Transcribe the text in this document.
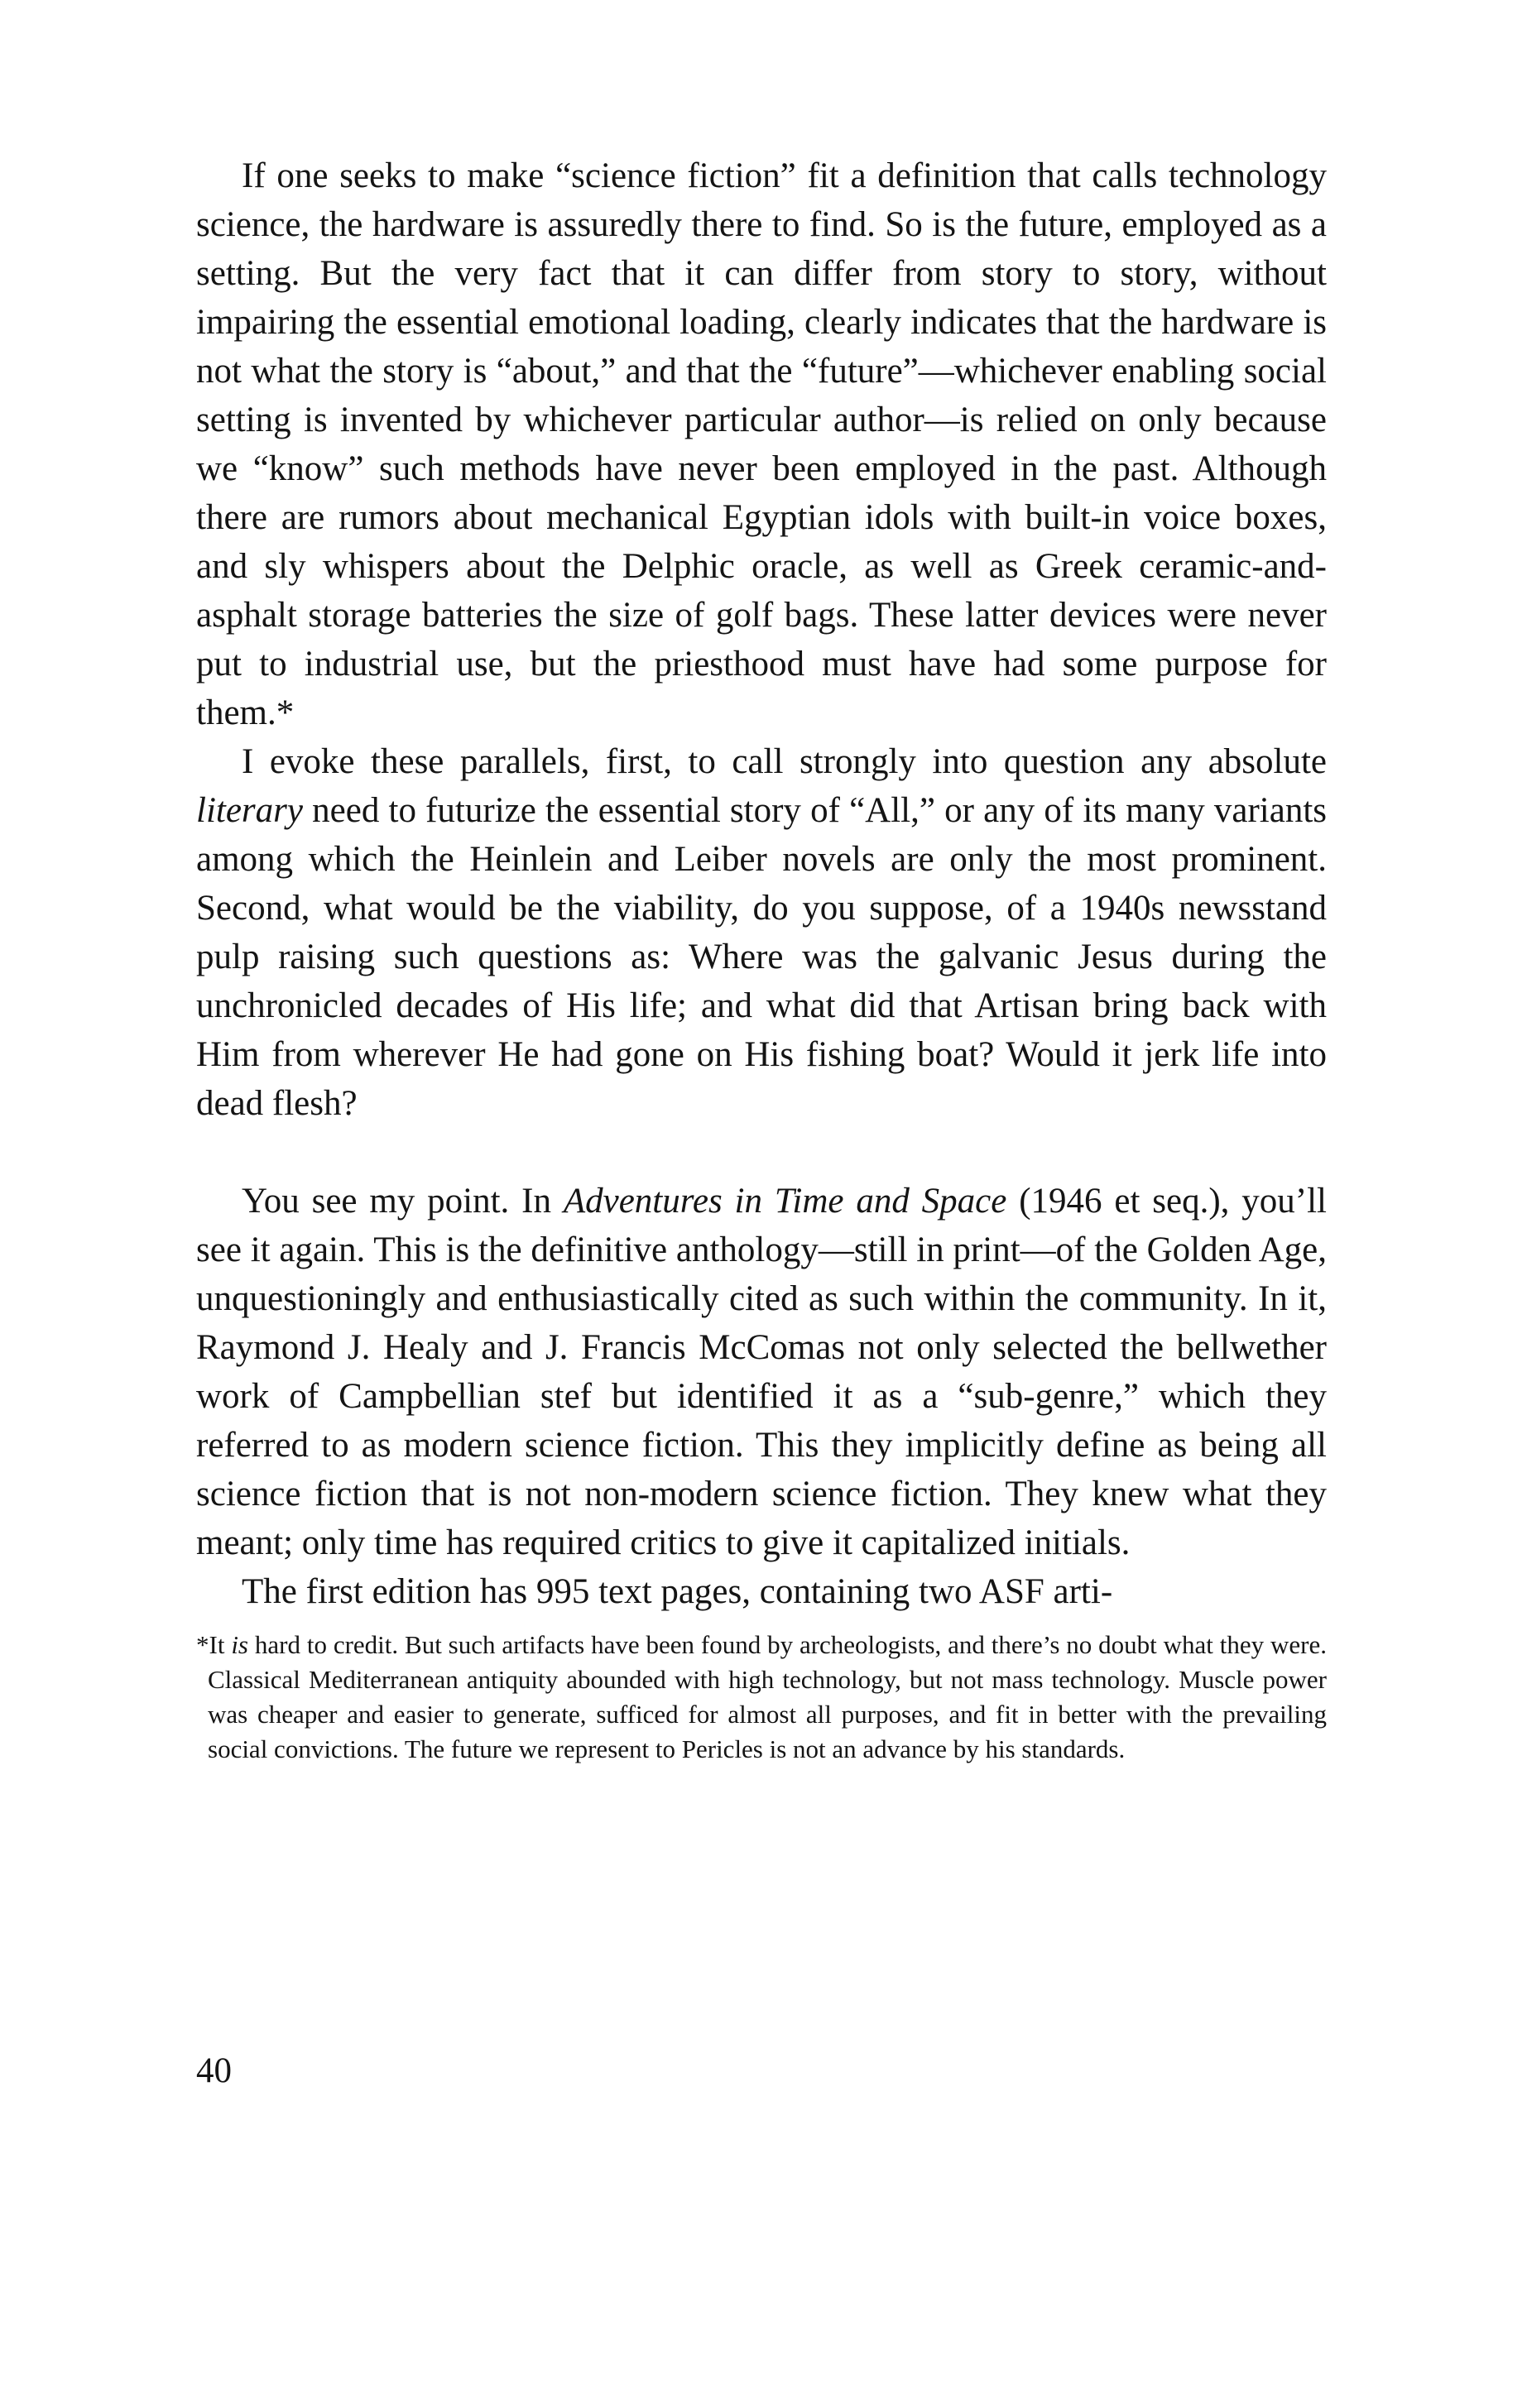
If one seeks to make “science fiction” fit a definition that calls technology science, the hardware is assuredly there to find. So is the future, employed as a setting. But the very fact that it can differ from story to story, without impairing the essential emotional loading, clearly indicates that the hardware is not what the story is “about,” and that the “future”—whichever enabling social setting is invented by whichever particular author—is relied on only because we “know” such methods have never been employed in the past. Although there are rumors about mechanical Egyptian idols with built-in voice boxes, and sly whispers about the Delphic oracle, as well as Greek ceramic-and-asphalt storage batteries the size of golf bags. These latter devices were never put to industrial use, but the priesthood must have had some purpose for them.*

I evoke these parallels, first, to call strongly into question any absolute literary need to futurize the essential story of “All,” or any of its many variants among which the Heinlein and Leiber novels are only the most prominent. Second, what would be the viability, do you suppose, of a 1940s newsstand pulp raising such questions as: Where was the galvanic Jesus during the unchronicled decades of His life; and what did that Artisan bring back with Him from wherever He had gone on His fishing boat? Would it jerk life into dead flesh?

You see my point. In Adventures in Time and Space (1946 et seq.), you’ll see it again. This is the definitive anthology—still in print—of the Golden Age, unquestioningly and enthusiastically cited as such within the community. In it, Raymond J. Healy and J. Francis McComas not only selected the bellwether work of Campbellian stef but identified it as a “sub-genre,” which they referred to as modern science fiction. This they implicitly define as being all science fiction that is not non-modern science fiction. They knew what they meant; only time has required critics to give it capitalized initials.

The first edition has 995 text pages, containing two ASF arti-

*It is hard to credit. But such artifacts have been found by archeologists, and there’s no doubt what they were. Classical Mediterranean antiquity abounded with high technology, but not mass technology. Muscle power was cheaper and easier to generate, sufficed for almost all purposes, and fit in better with the prevailing social convictions. The future we represent to Pericles is not an advance by his standards.

40
